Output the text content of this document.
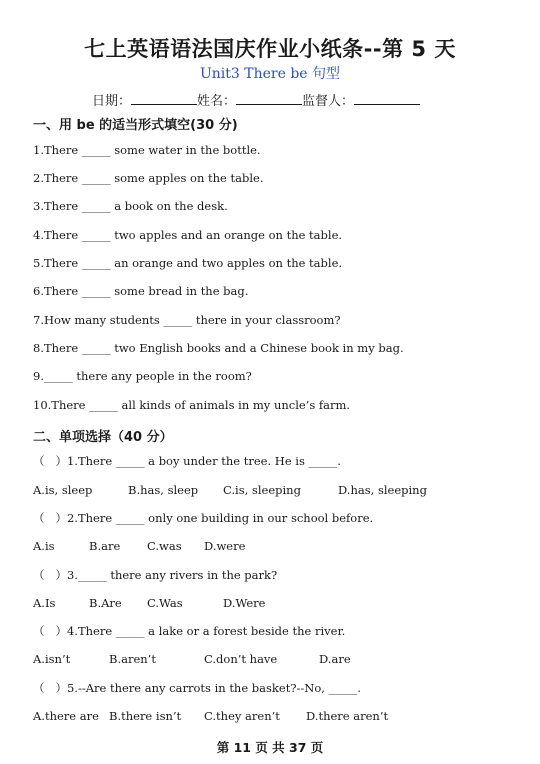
七上英语语法国庆作业小纸条--第 5 天
Unit3 There be 句型
日期：	姓名：	监督人：
一、用 be 的适当形式填空(30 分)
1.There _____ some water in the bottle.
2.There _____ some apples on the table.
3.There _____ a book on the desk.
4.There _____ two apples and an orange on the table.
5.There _____ an orange and two apples on the table.
6.There _____ some bread in the bag.
7.How many students _____ there in your classroom?
8.There _____ two English books and a Chinese book in my bag.
9._____ there any people in the room?
10.There _____ all kinds of animals in my uncle’s farm.
二、单项选择（40 分）
（   ）1.There _____ a boy under the tree. He is _____.
A.is, sleep	B.has, sleep C.is, sleeping	D.has, sleeping
（   ）2.There _____ only one building in our school before.
A.is	B.are C.was D.were
（   ）3._____ there any rivers in the park?
A.Is	B.Are C.Was	D.Were
（   ）4.There _____ a lake or a forest beside the river.
A.isn’t	B.aren’t	C.don’t have	D.are
（   ）5.--Are there any carrots in the basket?--No, _____.
A.there are B.there isn’t C.they aren’t D.there aren’t
第 11 页 共 37 页
